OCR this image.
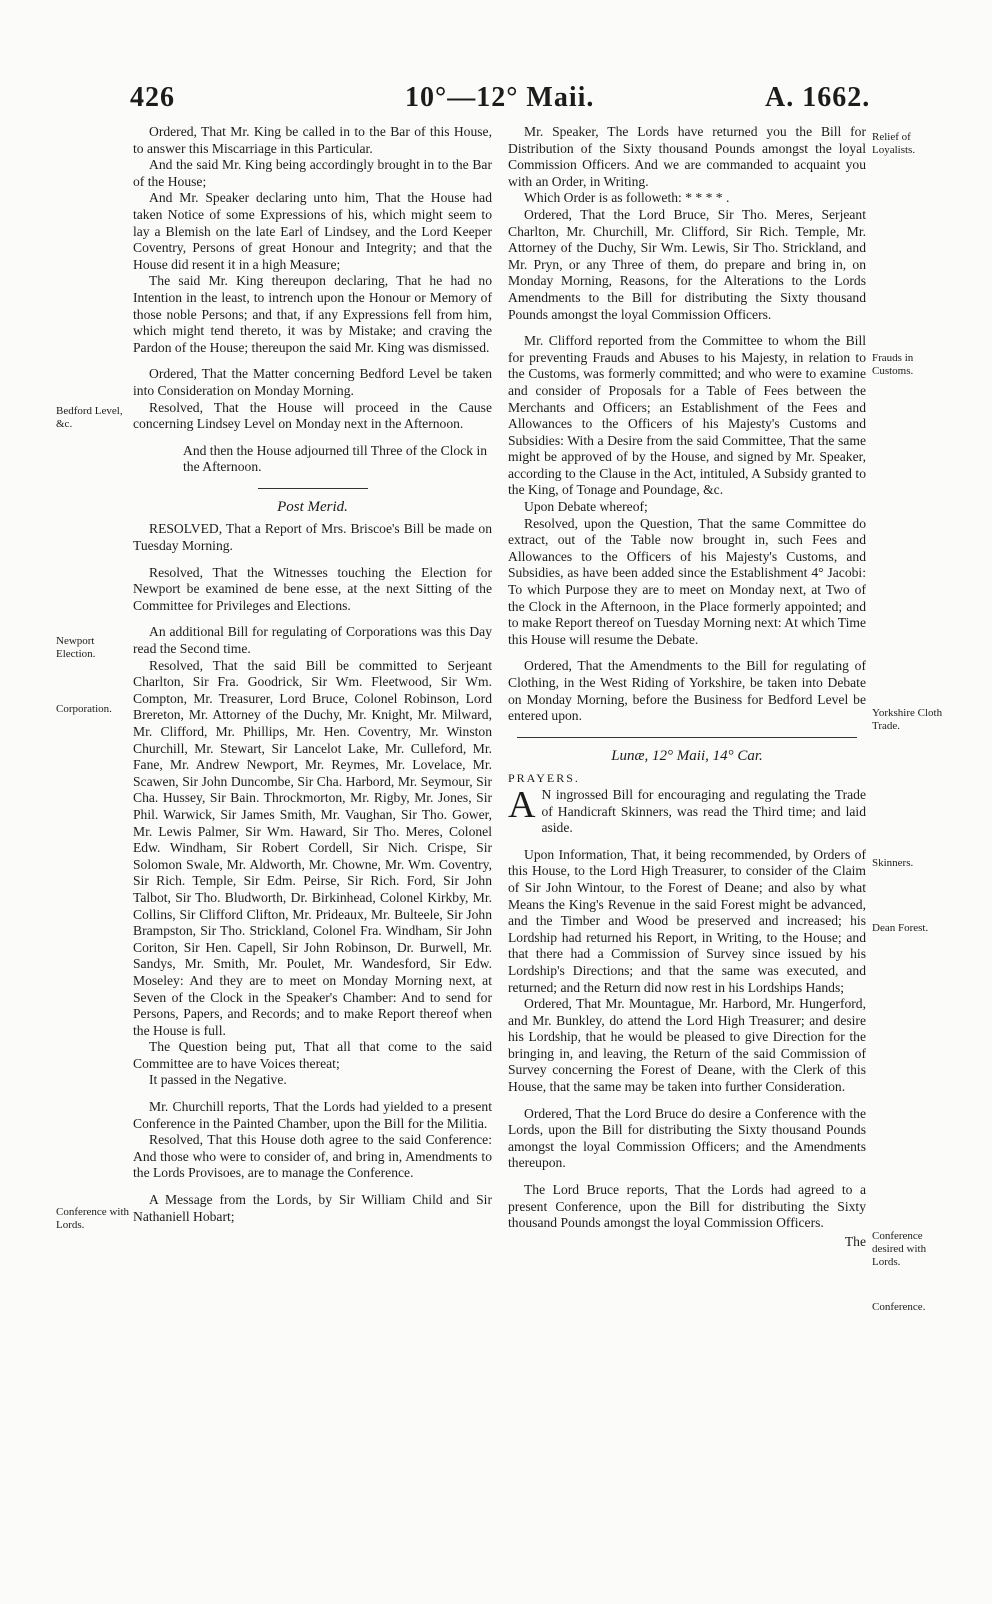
426	10°—12° Maii.	A. 1662.
Bedford Level, &c.
Newport Election.
Corporation.
Conference with Lords.
Relief of Loyalists.
Frauds in Customs.
Yorkshire Cloth Trade.
Skinners.
Dean Forest.
Conference desired with Lords.
Conference.

Ordered, That Mr. King be called in to the Bar of this House, to answer this Miscarriage in this Particular.

And the said Mr. King being accordingly brought in to the Bar of the House;

And Mr. Speaker declaring unto him, That the House had taken Notice of some Expressions of his, which might seem to lay a Blemish on the late Earl of Lindsey, and the Lord Keeper Coventry, Persons of great Honour and Integrity; and that the House did resent it in a high Measure;

The said Mr. King thereupon declaring, That he had no Intention in the least, to intrench upon the Honour or Memory of those noble Persons; and that, if any Expressions fell from him, which might tend thereto, it was by Mistake; and craving the Pardon of the House; thereupon the said Mr. King was dismissed.

Ordered, That the Matter concerning Bedford Level be taken into Consideration on Monday Morning.

Resolved, That the House will proceed in the Cause concerning Lindsey Level on Monday next in the Afternoon.

And then the House adjourned till Three of the Clock in the Afternoon.

Post Merid.

RESOLVED, That a Report of Mrs. Briscoe's Bill be made on Tuesday Morning.

Resolved, That the Witnesses touching the Election for Newport be examined de bene esse, at the next Sitting of the Committee for Privileges and Elections.

An additional Bill for regulating of Corporations was this Day read the Second time.

Resolved, That the said Bill be committed to Serjeant Charlton, Sir Fra. Goodrick, Sir Wm. Fleetwood, Sir Wm. Compton, Mr. Treasurer, Lord Bruce, Colonel Robinson, Lord Brereton, Mr. Attorney of the Duchy, Mr. Knight, Mr. Milward, Mr. Clifford, Mr. Phillips, Mr. Hen. Coventry, Mr. Winston Churchill, Mr. Stewart, Sir Lancelot Lake, Mr. Culleford, Mr. Fane, Mr. Andrew Newport, Mr. Reymes, Mr. Lovelace, Mr. Scawen, Sir John Duncombe, Sir Cha. Harbord, Mr. Seymour, Sir Cha. Hussey, Sir Bain. Throckmorton, Mr. Rigby, Mr. Jones, Sir Phil. Warwick, Sir James Smith, Mr. Vaughan, Sir Tho. Gower, Mr. Lewis Palmer, Sir Wm. Haward, Sir Tho. Meres, Colonel Edw. Windham, Sir Robert Cordell, Sir Nich. Crispe, Sir Solomon Swale, Mr. Aldworth, Mr. Chowne, Mr. Wm. Coventry, Sir Rich. Temple, Sir Edm. Peirse, Sir Rich. Ford, Sir John Talbot, Sir Tho. Bludworth, Dr. Birkinhead, Colonel Kirkby, Mr. Collins, Sir Clifford Clifton, Mr. Prideaux, Mr. Bulteele, Sir John Brampston, Sir Tho. Strickland, Colonel Fra. Windham, Sir John Coriton, Sir Hen. Capell, Sir John Robinson, Dr. Burwell, Mr. Sandys, Mr. Smith, Mr. Poulet, Mr. Wandesford, Sir Edw. Moseley: And they are to meet on Monday Morning next, at Seven of the Clock in the Speaker's Chamber: And to send for Persons, Papers, and Records; and to make Report thereof when the House is full.

The Question being put, That all that come to the said Committee are to have Voices thereat;

It passed in the Negative.

Mr. Churchill reports, That the Lords had yielded to a present Conference in the Painted Chamber, upon the Bill for the Militia.

Resolved, That this House doth agree to the said Conference: And those who were to consider of, and bring in, Amendments to the Lords Provisoes, are to manage the Conference.

A Message from the Lords, by Sir William Child and Sir Nathaniell Hobart;

Mr. Speaker, The Lords have returned you the Bill for Distribution of the Sixty thousand Pounds amongst the loyal Commission Officers. And we are commanded to acquaint you with an Order, in Writing.

Which Order is as followeth: * * * * .

Ordered, That the Lord Bruce, Sir Tho. Meres, Serjeant Charlton, Mr. Churchill, Mr. Clifford, Sir Rich. Temple, Mr. Attorney of the Duchy, Sir Wm. Lewis, Sir Tho. Strickland, and Mr. Pryn, or any Three of them, do prepare and bring in, on Monday Morning, Reasons, for the Alterations to the Lords Amendments to the Bill for distributing the Sixty thousand Pounds amongst the loyal Commission Officers.

Mr. Clifford reported from the Committee to whom the Bill for preventing Frauds and Abuses to his Majesty, in relation to the Customs, was formerly committed; and who were to examine and consider of Proposals for a Table of Fees between the Merchants and Officers; an Establishment of the Fees and Allowances to the Officers of his Majesty's Customs and Subsidies: With a Desire from the said Committee, That the same might be approved of by the House, and signed by Mr. Speaker, according to the Clause in the Act, intituled, A Subsidy granted to the King, of Tonage and Poundage, &c.

Upon Debate whereof;

Resolved, upon the Question, That the same Committee do extract, out of the Table now brought in, such Fees and Allowances to the Officers of his Majesty's Customs, and Subsidies, as have been added since the Establishment 4° Jacobi: To which Purpose they are to meet on Monday next, at Two of the Clock in the Afternoon, in the Place formerly appointed; and to make Report thereof on Tuesday Morning next: At which Time this House will resume the Debate.

Ordered, That the Amendments to the Bill for regulating of Clothing, in the West Riding of Yorkshire, be taken into Debate on Monday Morning, before the Business for Bedford Level be entered upon.

Lunæ, 12° Maii, 14° Car.

PRAYERS.

A N ingrossed Bill for encouraging and regulating the Trade of Handicraft Skinners, was read the Third time; and laid aside.

Upon Information, That, it being recommended, by Orders of this House, to the Lord High Treasurer, to consider of the Claim of Sir John Wintour, to the Forest of Deane; and also by what Means the King's Revenue in the said Forest might be advanced, and the Timber and Wood be preserved and increased; his Lordship had returned his Report, in Writing, to the House; and that there had a Commission of Survey since issued by his Lordship's Directions; and that the same was executed, and returned; and the Return did now rest in his Lordships Hands;

Ordered, That Mr. Mountague, Mr. Harbord, Mr. Hungerford, and Mr. Bunkley, do attend the Lord High Treasurer; and desire his Lordship, that he would be pleased to give Direction for the bringing in, and leaving, the Return of the said Commission of Survey concerning the Forest of Deane, with the Clerk of this House, that the same may be taken into further Consideration.

Ordered, That the Lord Bruce do desire a Conference with the Lords, upon the Bill for distributing the Sixty thousand Pounds amongst the loyal Commission Officers; and the Amendments thereupon.

The Lord Bruce reports, That the Lords had agreed to a present Conference, upon the Bill for distributing the Sixty thousand Pounds amongst the loyal Commission Officers.

The
